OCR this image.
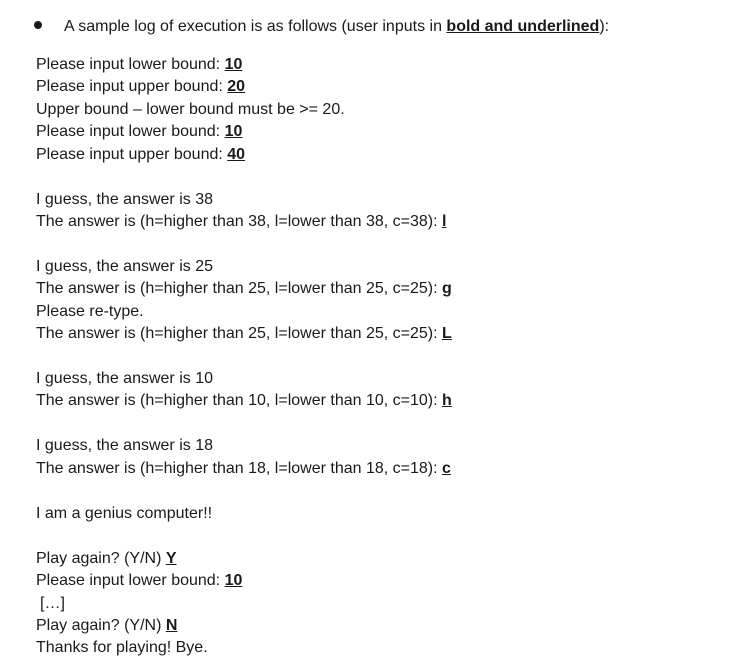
A sample log of execution is as follows (user inputs in bold and underlined):
Please input lower bound: 10
Please input upper bound: 20
Upper bound – lower bound must be >= 20.
Please input lower bound: 10
Please input upper bound: 40
I guess, the answer is 38
The answer is (h=higher than 38, l=lower than 38, c=38): l
I guess, the answer is 25
The answer is (h=higher than 25, l=lower than 25, c=25): g
Please re-type.
The answer is (h=higher than 25, l=lower than 25, c=25): L
I guess, the answer is 10
The answer is (h=higher than 10, l=lower than 10, c=10): h
I guess, the answer is 18
The answer is (h=higher than 18, l=lower than 18, c=18): c
I am a genius computer!!
Play again? (Y/N) Y
Please input lower bound: 10
[…]
Play again? (Y/N) N
Thanks for playing! Bye.
